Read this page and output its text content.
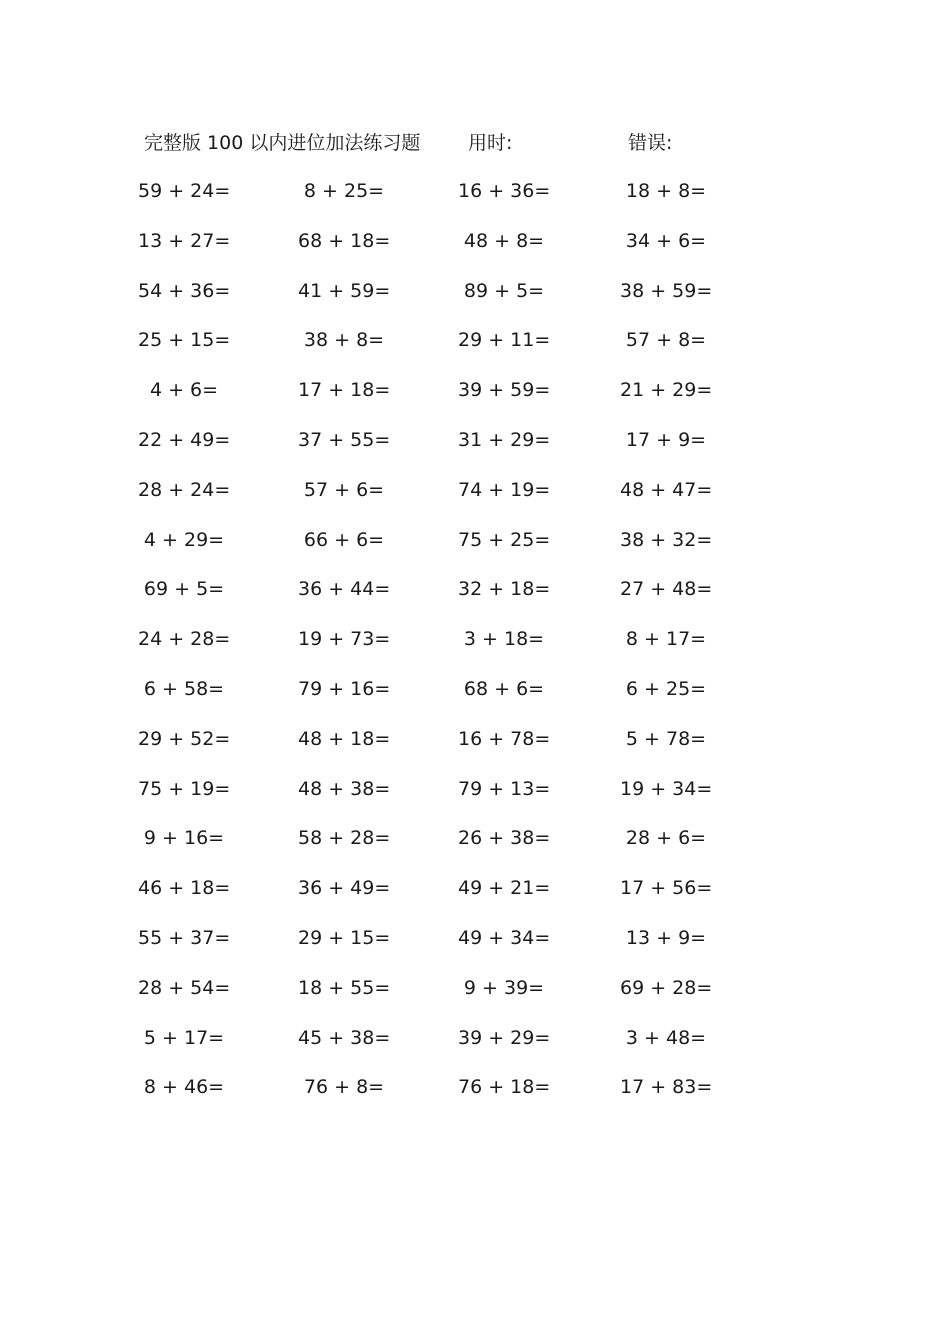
完整版 100 以内进位加法练习题	用时:	错误:
59 + 24=	8 + 25=	16 + 36=	18 + 8=
13 + 27=	68 + 18=	48 + 8=	34 + 6=
54 + 36=	41 + 59=	89 + 5=	38 + 59=
25 + 15=	38 + 8=	29 + 11=	57 + 8=
4 + 6=	17 + 18=	39 + 59=	21 + 29=
22 + 49=	37 + 55=	31 + 29=	17 + 9=
28 + 24=	57 + 6=	74 + 19=	48 + 47=
4 + 29=	66 + 6=	75 + 25=	38 + 32=
69 + 5=	36 + 44=	32 + 18=	27 + 48=
24 + 28=	19 + 73=	3 + 18=	8 + 17=
6 + 58=	79 + 16=	68 + 6=	6 + 25=
29 + 52=	48 + 18=	16 + 78=	5 + 78=
75 + 19=	48 + 38=	79 + 13=	19 + 34=
9 + 16=	58 + 28=	26 + 38=	28 + 6=
46 + 18=	36 + 49=	49 + 21=	17 + 56=
55 + 37=	29 + 15=	49 + 34=	13 + 9=
28 + 54=	18 + 55=	9 + 39=	69 + 28=
5 + 17=	45 + 38=	39 + 29=	3 + 48=
8 + 46=	76 + 8=	76 + 18=	17 + 83=
